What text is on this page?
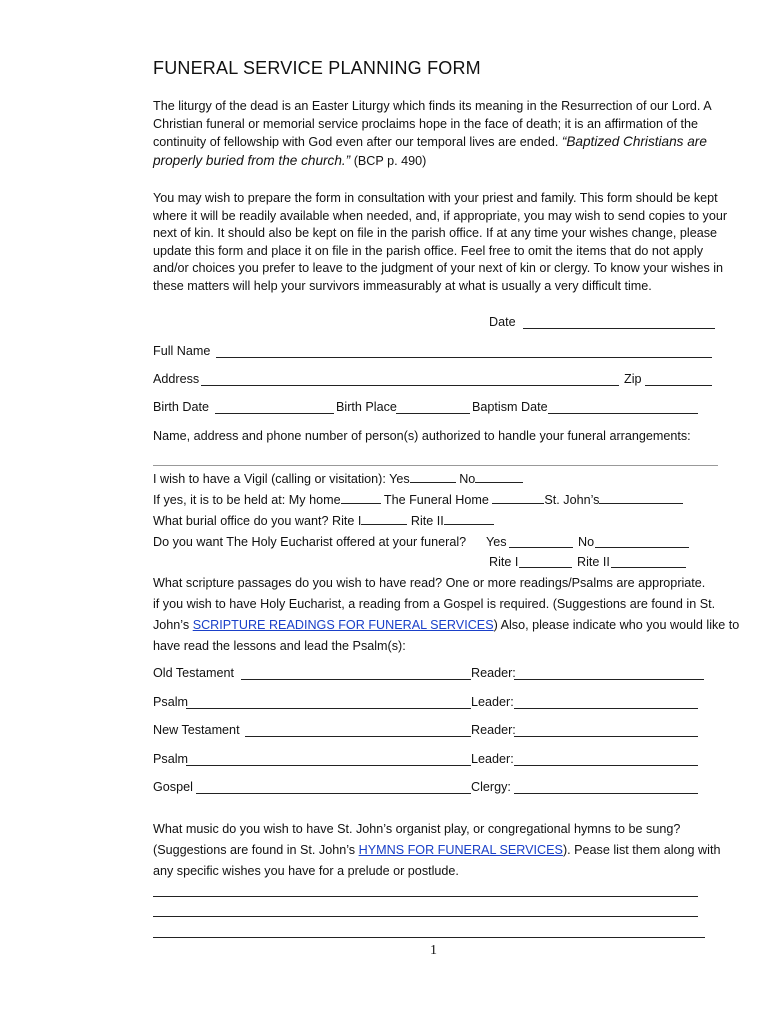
FUNERAL SERVICE PLANNING FORM
The liturgy of the dead is an Easter Liturgy which finds its meaning in the Resurrection of our Lord. A Christian funeral or memorial service proclaims hope in the face of death; it is an affirmation of the continuity of fellowship with God even after our temporal lives are ended. “Baptized Christians are properly buried from the church.” (BCP p. 490)
You may wish to prepare the form in consultation with your priest and family. This form should be kept where it will be readily available when needed, and, if appropriate, you may wish to send copies to your next of kin. It should also be kept on file in the parish office. If at any time your wishes change, please update this form and place it on file in the parish office. Feel free to omit the items that do not apply and/or choices you prefer to leave to the judgment of your next of kin or clergy. To know your wishes in these matters will help your survivors immeasurably at what is usually a very difficult time.
Date
Full Name
Address	Zip
Birth Date	Birth Place	Baptism Date
Name, address and phone number of person(s) authorized to handle your funeral arrangements:
I wish to have a Vigil (calling or visitation): Yes	No
If yes, it is to be held at: My home	The Funeral Home	St. John’s
What burial office do you want? Rite I	Rite II
Do you want The Holy Eucharist offered at your funeral? Yes	No
Rite I	Rite II
What scripture passages do you wish to have read? One or more readings/Psalms are appropriate.
if you wish to have Holy Eucharist, a reading from a Gospel is required. (Suggestions are found in St.
John’s SCRIPTURE READINGS FOR FUNERAL SERVICES) Also, please indicate who you would like to
have read the lessons and lead the Psalm(s):
Old Testament	Reader:
Psalm	Leader:
New Testament	Reader:
Psalm	Leader:
Gospel	Clergy:
What music do you wish to have St. John’s organist play, or congregational hymns to be sung?
(Suggestions are found in St. John’s HYMNS FOR FUNERAL SERVICES). Pease list them along with
any specific wishes you have for a prelude or postlude.
1
